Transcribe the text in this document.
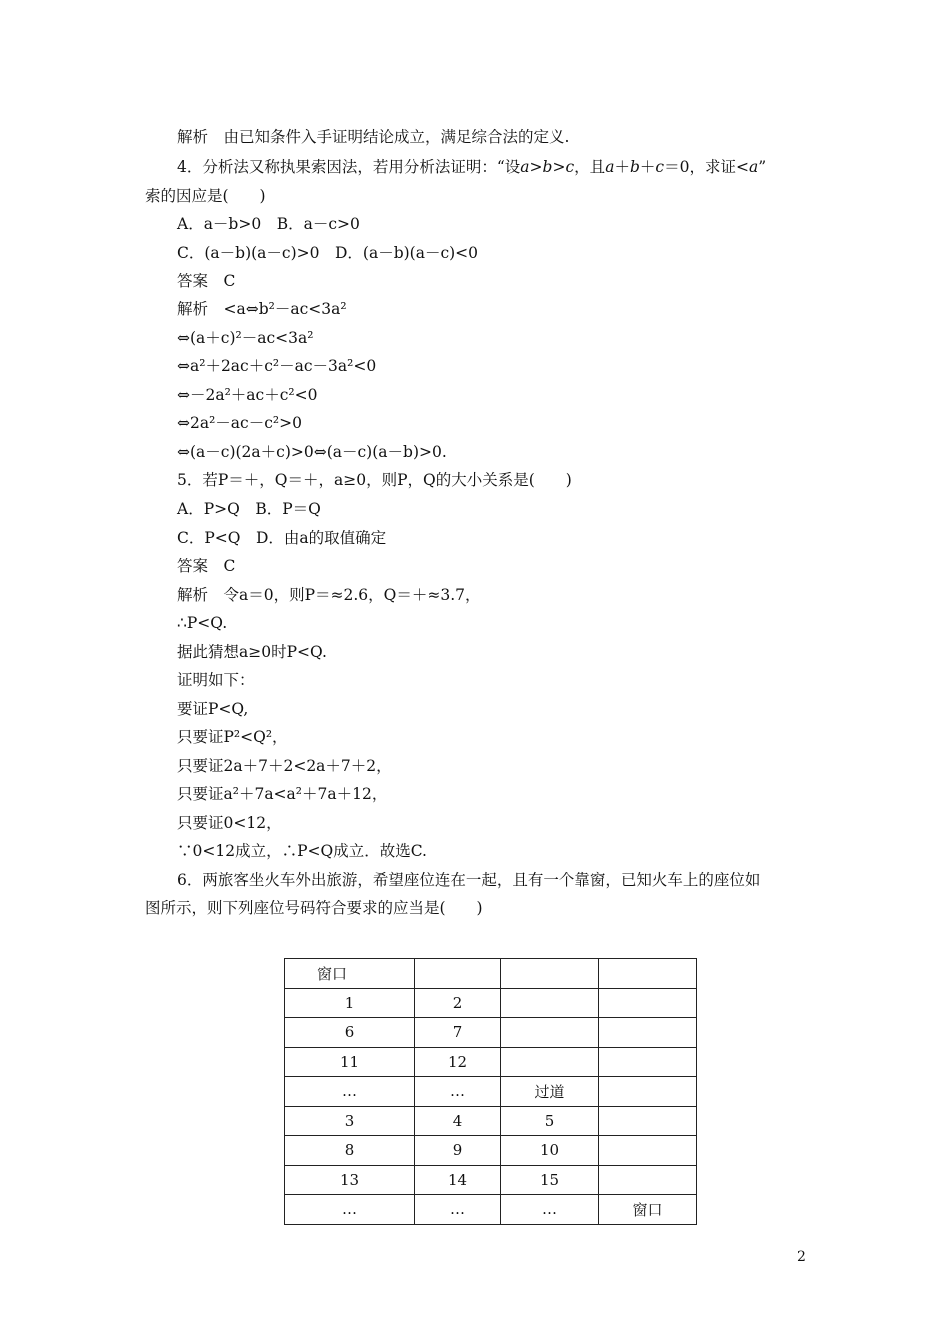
解析　由已知条件入手证明结论成立，满足综合法的定义.
4．分析法又称执果索因法，若用分析法证明：“设a>b>c，且a＋b＋c＝0，求证<a”
索的因应是(　　)
A．a－b>0　B．a－c>0
C．(a－b)(a－c)>0　D．(a－b)(a－c)<0
答案　C
解析　<a⇔b²－ac<3a²
⇔(a＋c)²－ac<3a²
⇔a²＋2ac＋c²－ac－3a²<0
⇔－2a²＋ac＋c²<0
⇔2a²－ac－c²>0
⇔(a－c)(2a＋c)>0⇔(a－c)(a－b)>0.
5．若P＝＋，Q＝＋，a≥0，则P，Q的大小关系是(　　)
A．P>Q　B．P＝Q
C．P<Q　D．由a的取值确定
答案　C
解析　令a＝0，则P＝≈2.6，Q＝＋≈3.7，
∴P<Q.
据此猜想a≥0时P<Q.
证明如下：
要证P<Q,
只要证P²<Q²，
只要证2a＋7＋2<2a＋7＋2，
只要证a²＋7a<a²＋7a＋12，
只要证0<12，
∵0<12成立，∴P<Q成立．故选C.
6．两旅客坐火车外出旅游，希望座位连在一起，且有一个靠窗，已知火车上的座位如
图所示，则下列座位号码符合要求的应当是(　　)
窗口			
1	2		
6	7		
11	12		
…	…	过道	
3	4	5	
8	9	10	
13	14	15	
…	…	…	窗口
2
